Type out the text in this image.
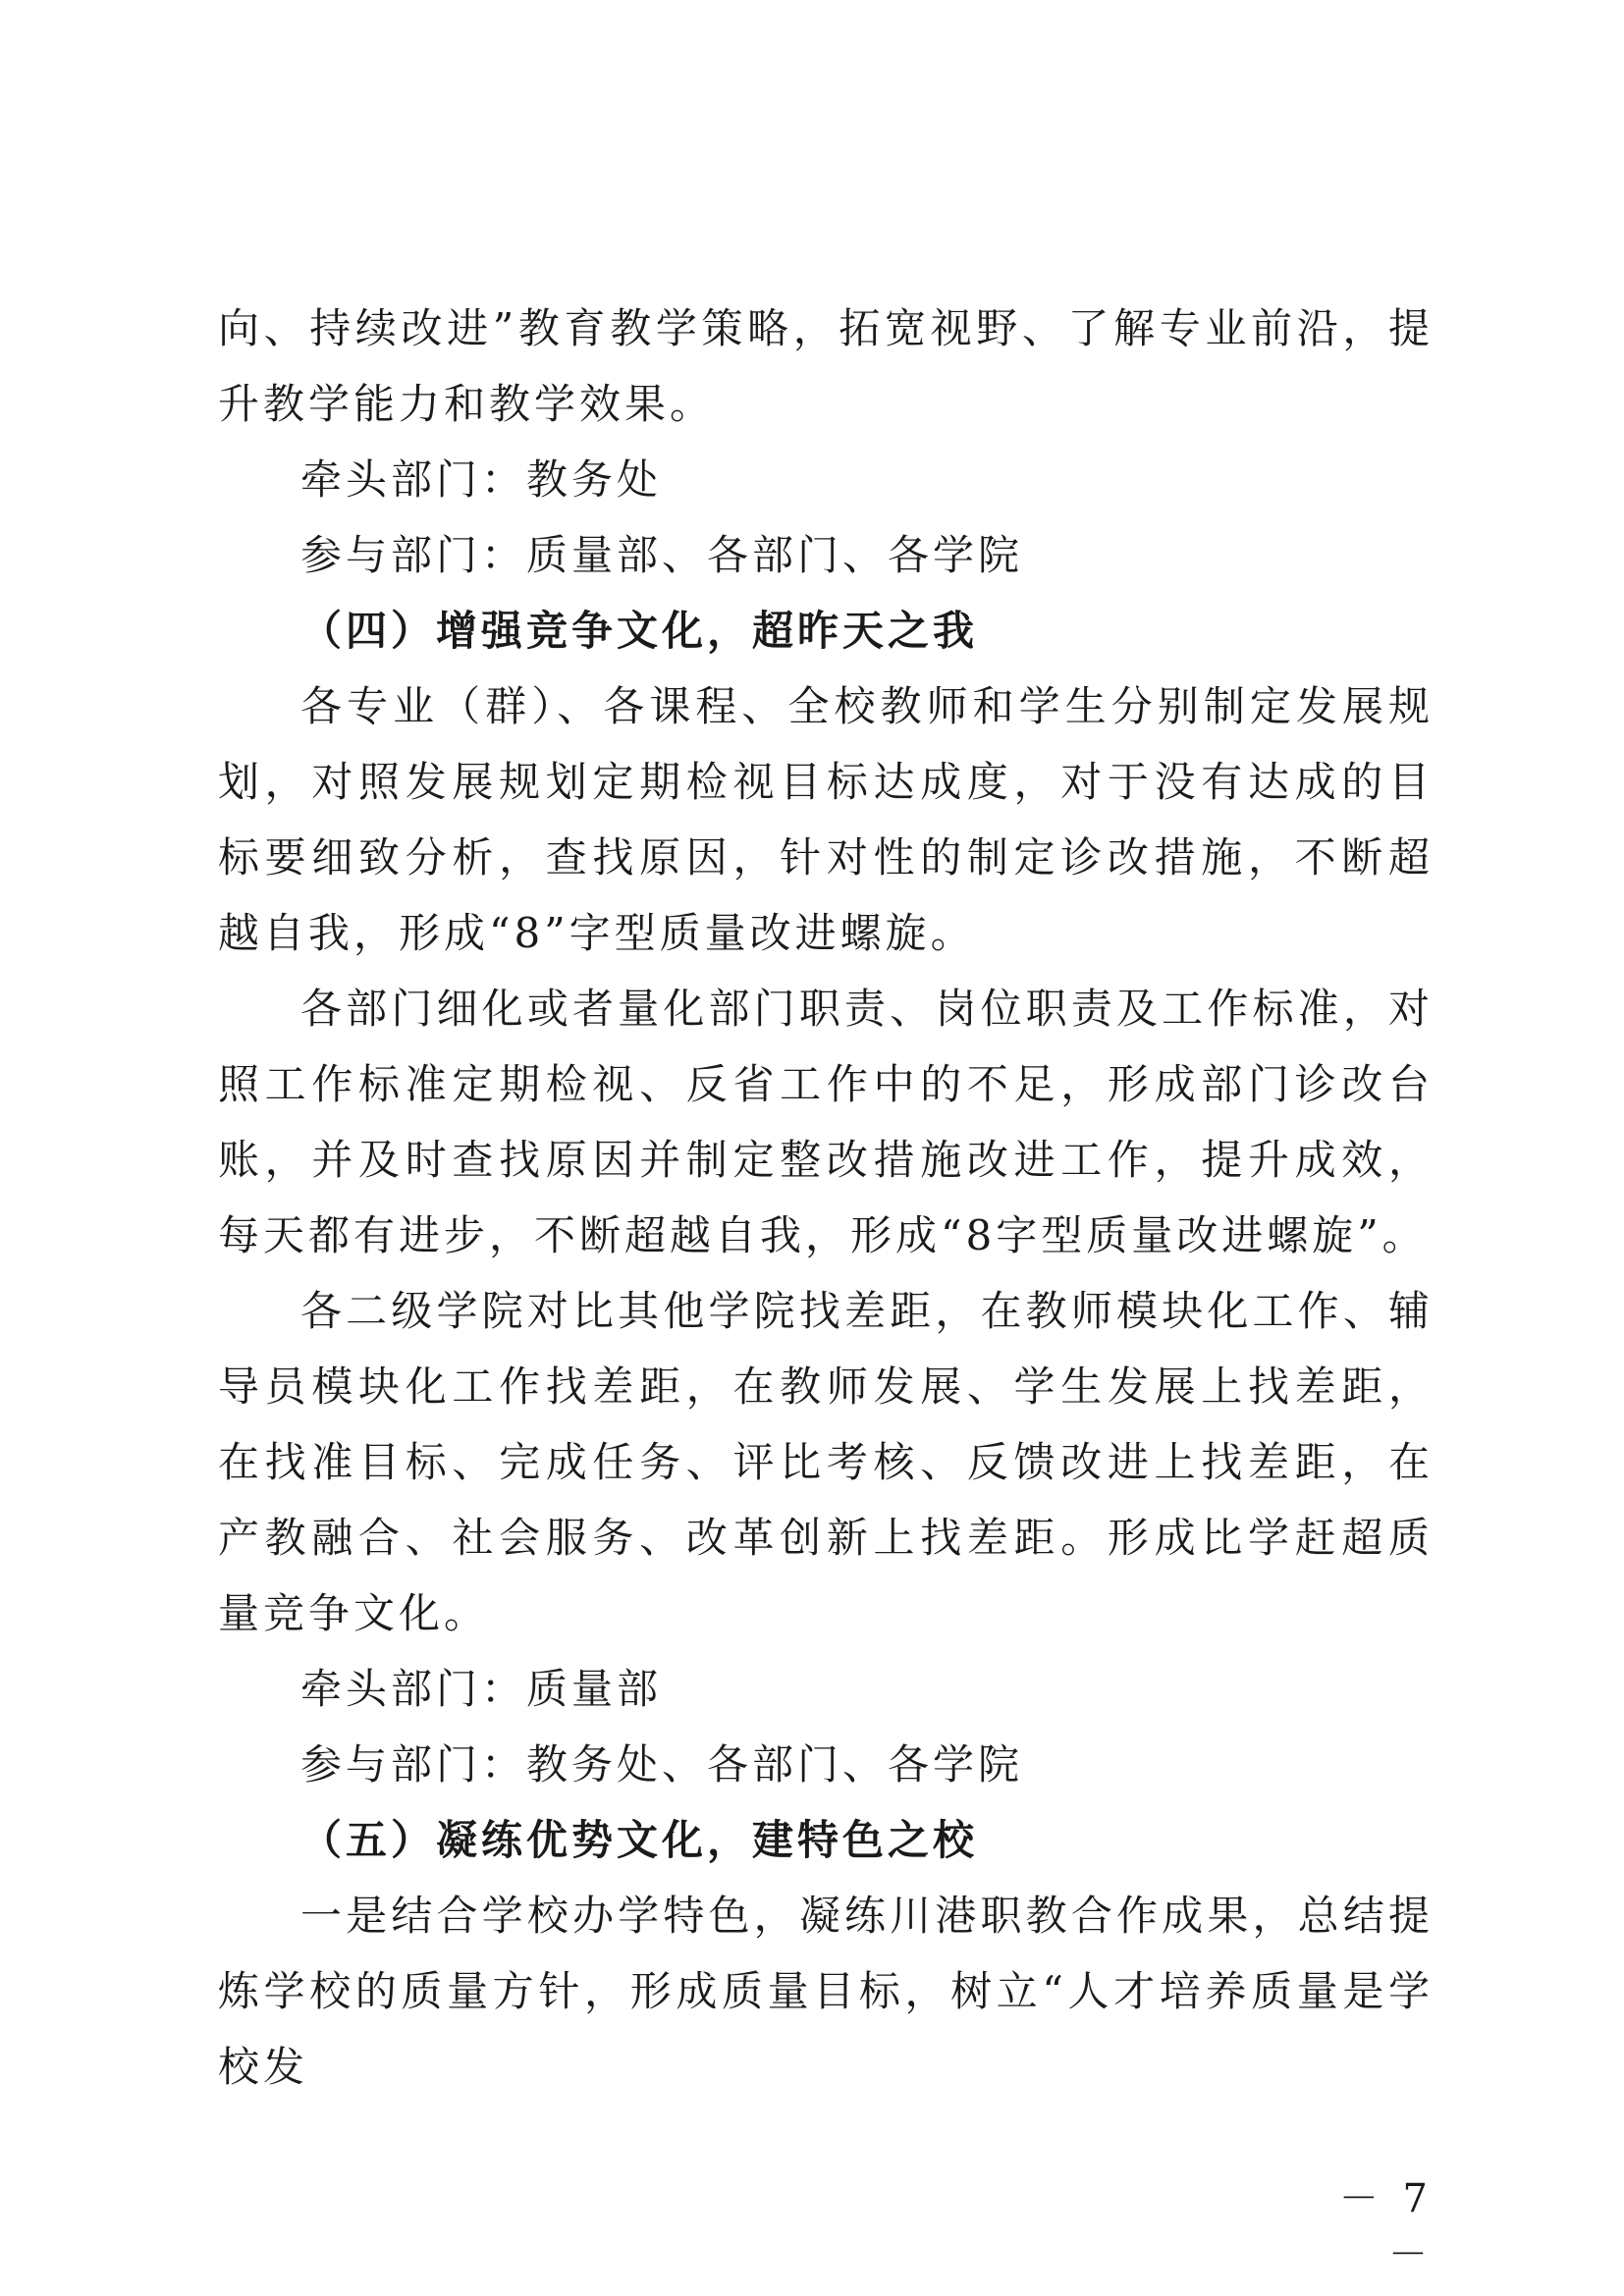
向、持续改进”教育教学策略，拓宽视野、了解专业前沿，提升教学能力和教学效果。

牵头部门：教务处

参与部门：质量部、各部门、各学院

（四）增强竞争文化，超昨天之我

各专业（群）、各课程、全校教师和学生分别制定发展规划，对照发展规划定期检视目标达成度，对于没有达成的目标要细致分析，查找原因，针对性的制定诊改措施，不断超越自我，形成“8”字型质量改进螺旋。

各部门细化或者量化部门职责、岗位职责及工作标准，对照工作标准定期检视、反省工作中的不足，形成部门诊改台账，并及时查找原因并制定整改措施改进工作，提升成效，每天都有进步，不断超越自我，形成“8字型质量改进螺旋”。

各二级学院对比其他学院找差距，在教师模块化工作、辅导员模块化工作找差距，在教师发展、学生发展上找差距，在找准目标、完成任务、评比考核、反馈改进上找差距，在产教融合、社会服务、改革创新上找差距。形成比学赶超质量竞争文化。

牵头部门：质量部

参与部门：教务处、各部门、各学院

（五）凝练优势文化，建特色之校

一是结合学校办学特色，凝练川港职教合作成果，总结提炼学校的质量方针，形成质量目标，树立“人才培养质量是学校发

－ 7 －
